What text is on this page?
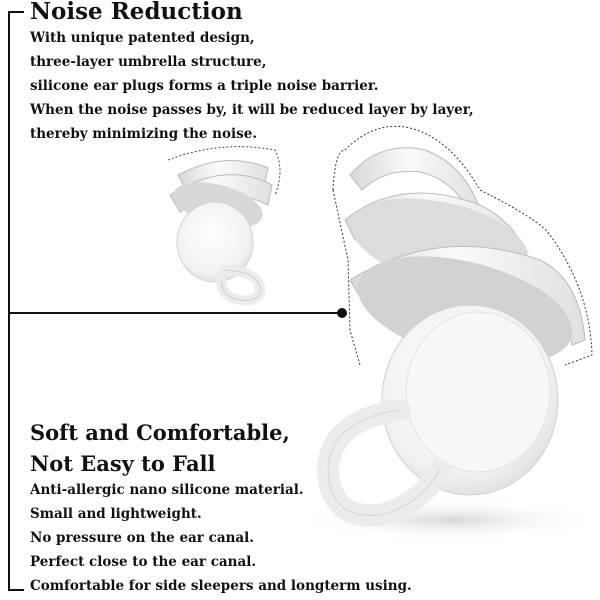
Noise Reduction
With unique patented design,
three-layer umbrella structure,
silicone ear plugs forms a triple noise barrier.
When the noise passes by, it will be reduced layer by layer,
thereby minimizing the noise.
Soft and Comfortable,
Not Easy to Fall
Anti-allergic nano silicone material.
Small and lightweight.
No pressure on the ear canal.
Perfect close to the ear canal.
Comfortable for side sleepers and longterm using.
